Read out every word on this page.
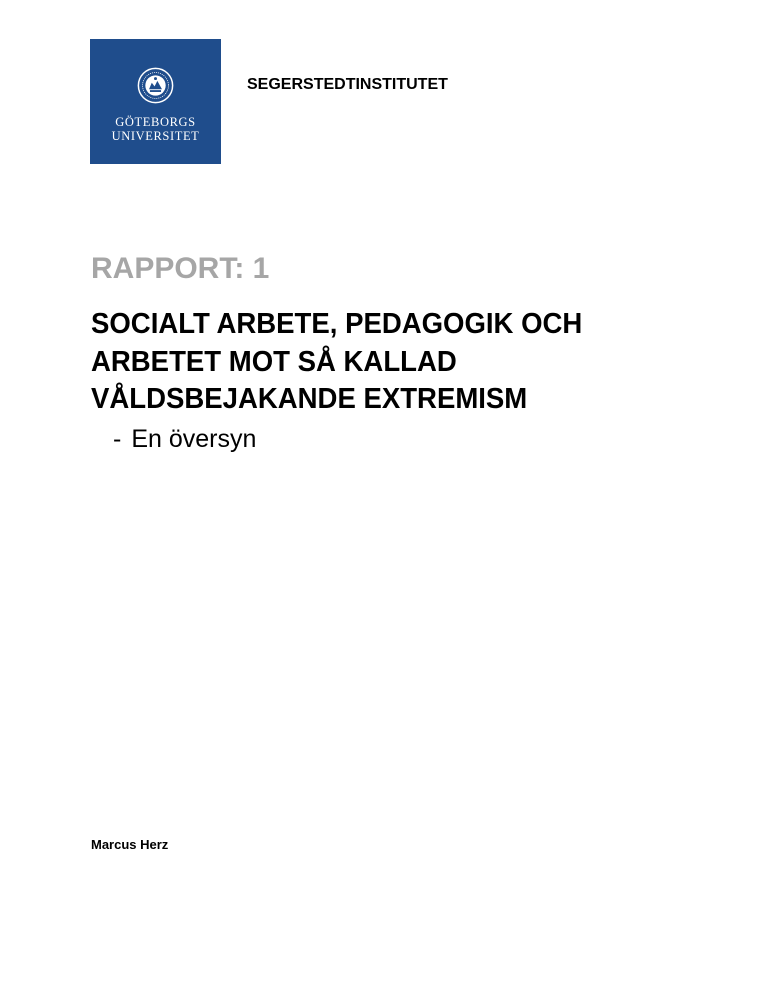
GÖTEBORGS
UNIVERSITET
SEGERSTEDTINSTITUTET
RAPPORT: 1
SOCIALT ARBETE, PEDAGOGIK OCH
ARBETET MOT SÅ KALLAD
VÅLDSBEJAKANDE EXTREMISM
- En översyn
Marcus Herz
